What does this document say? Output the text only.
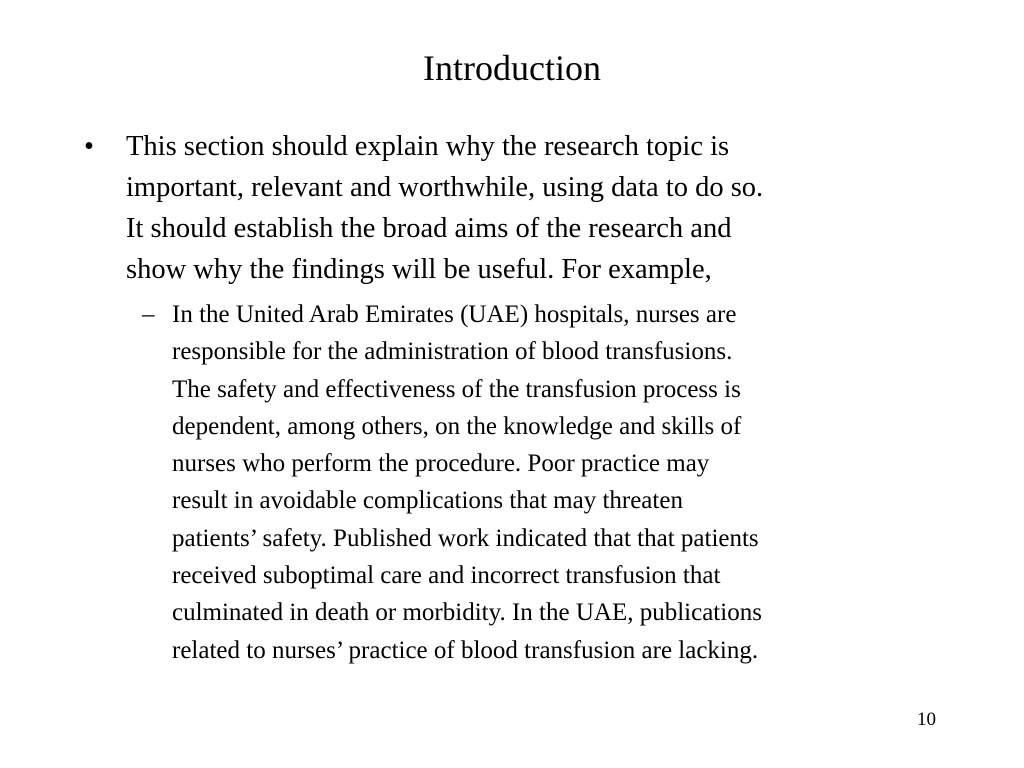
Introduction
• This section should explain why the research topic is
important, relevant and worthwhile, using data to do so.
It should establish the broad aims of the research and
show why the findings will be useful. For example,
– In the United Arab Emirates (UAE) hospitals, nurses are
responsible for the administration of blood transfusions.
The safety and effectiveness of the transfusion process is
dependent, among others, on the knowledge and skills of
nurses who perform the procedure. Poor practice may
result in avoidable complications that may threaten
patients’ safety. Published work indicated that that patients
received suboptimal care and incorrect transfusion that
culminated in death or morbidity. In the UAE, publications
related to nurses’ practice of blood transfusion are lacking.
10
